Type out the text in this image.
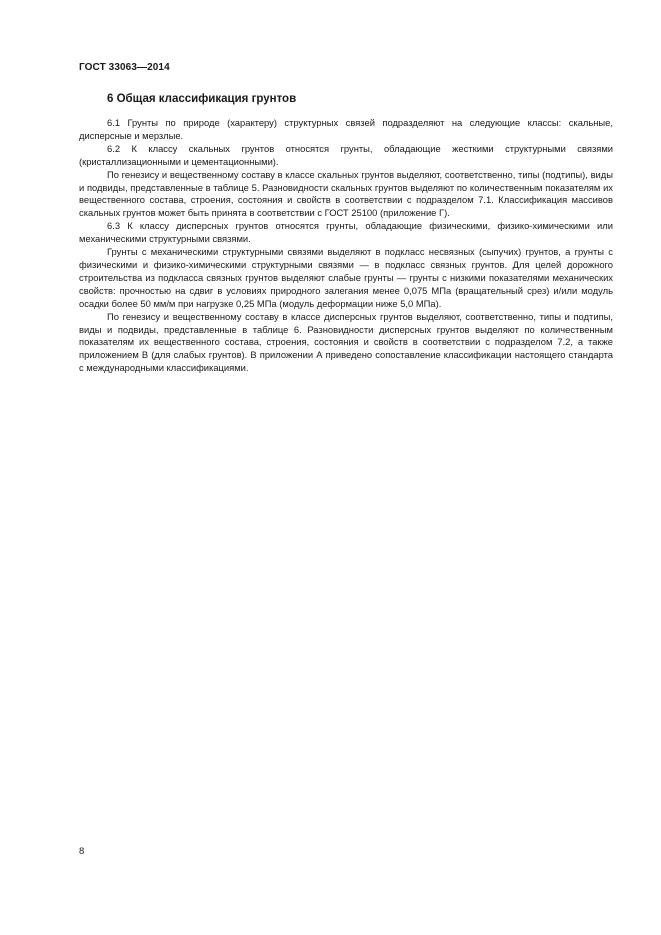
ГОСТ 33063—2014
6 Общая классификация грунтов

6.1 Грунты по природе (характеру) структурных связей подразделяют на следующие классы: скальные, дисперсные и мерзлые.

6.2 К классу скальных грунтов относятся грунты, обладающие жесткими структурными связями (кристаллизационными и цементационными).

По генезису и вещественному составу в классе скальных грунтов выделяют, соответственно, типы (подтипы), виды и подвиды, представленные в таблице 5. Разновидности скальных грунтов выделяют по количественным показателям их вещественного состава, строения, состояния и свойств в соответствии с подразделом 7.1. Классификация массивов скальных грунтов может быть принята в соответствии с ГОСТ 25100 (приложение Г).

6.3 К классу дисперсных грунтов относятся грунты, обладающие физическими, физико-химическими или механическими структурными связями.

Грунты с механическими структурными связями выделяют в подкласс несвязных (сыпучих) грунтов, а грунты с физическими и физико-химическими структурными связями — в подкласс связных грунтов. Для целей дорожного строительства из подкласса связных грунтов выделяют слабые грунты — грунты с низкими показателями механических свойств: прочностью на сдвиг в условиях природного залегания менее 0,075 МПа (вращательный срез) и/или модуль осадки более 50 мм/м при нагрузке 0,25 МПа (модуль деформации ниже 5,0 МПа).

По генезису и вещественному составу в классе дисперсных грунтов выделяют, соответственно, типы и подтипы, виды и подвиды, представленные в таблице 6. Разновидности дисперсных грунтов выделяют по количественным показателям их вещественного состава, строения, состояния и свойств в соответствии с подразделом 7.2, а также приложением В (для слабых грунтов). В приложении А приведено сопоставление классификации настоящего стандарта с международными классификациями.

8
